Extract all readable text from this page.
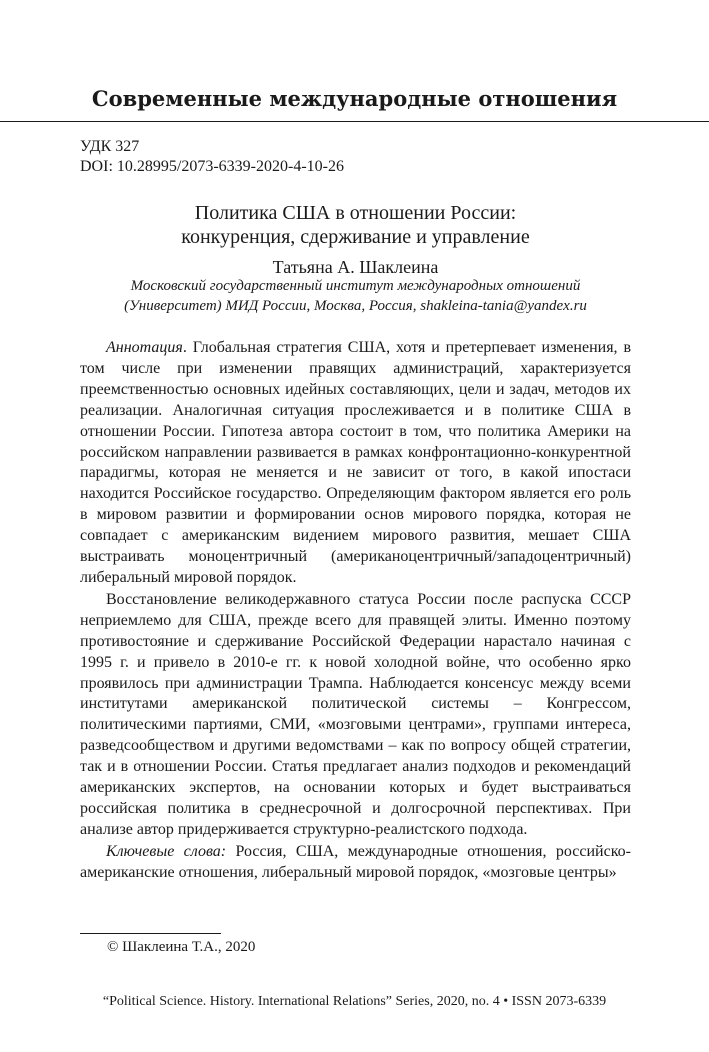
Современные международные отношения
УДК 327
DOI: 10.28995/2073-6339-2020-4-10-26
Политика США в отношении России:
конкуренция, сдерживание и управление
Татьяна А. Шаклеина
Московский государственный институт международных отношений
(Университет) МИД России, Москва, Россия, shakleina-tania@yandex.ru

Аннотация. Глобальная стратегия США, хотя и претерпевает изменения, в том числе при изменении правящих администраций, характеризуется преемственностью основных идейных составляющих, цели и задач, методов их реализации. Аналогичная ситуация прослеживается и в политике США в отношении России. Гипотеза автора состоит в том, что политика Америки на российском направлении развивается в рамках конфронтационно-конкурентной парадигмы, которая не меняется и не зависит от того, в какой ипостаси находится Российское государство. Определяющим фактором является его роль в мировом развитии и формировании основ мирового порядка, которая не совпадает с американским видением мирового развития, мешает США выстраивать моноцентричный (американоцентричный/западоцентричный) либеральный мировой порядок.

Восстановление великодержавного статуса России после распуска СССР неприемлемо для США, прежде всего для правящей элиты. Именно поэтому противостояние и сдерживание Российской Федерации нарастало начиная с 1995 г. и привело в 2010-е гг. к новой холодной войне, что особенно ярко проявилось при администрации Трампа. Наблюдается консенсус между всеми институтами американской политической системы – Конгрессом, политическими партиями, СМИ, «мозговыми центрами», группами интереса, разведсообществом и другими ведомствами – как по вопросу общей стратегии, так и в отношении России. Статья предлагает анализ подходов и рекомендаций американских экспертов, на основании которых и будет выстраиваться российская политика в среднесрочной и долгосрочной перспективах. При анализе автор придерживается структурно-реалистского подхода.

Ключевые слова: Россия, США, международные отношения, российско-американские отношения, либеральный мировой порядок, «мозговые центры»

© Шаклеина Т.А., 2020
“Political Science. History. International Relations” Series, 2020, no. 4 • ISSN 2073-6339
